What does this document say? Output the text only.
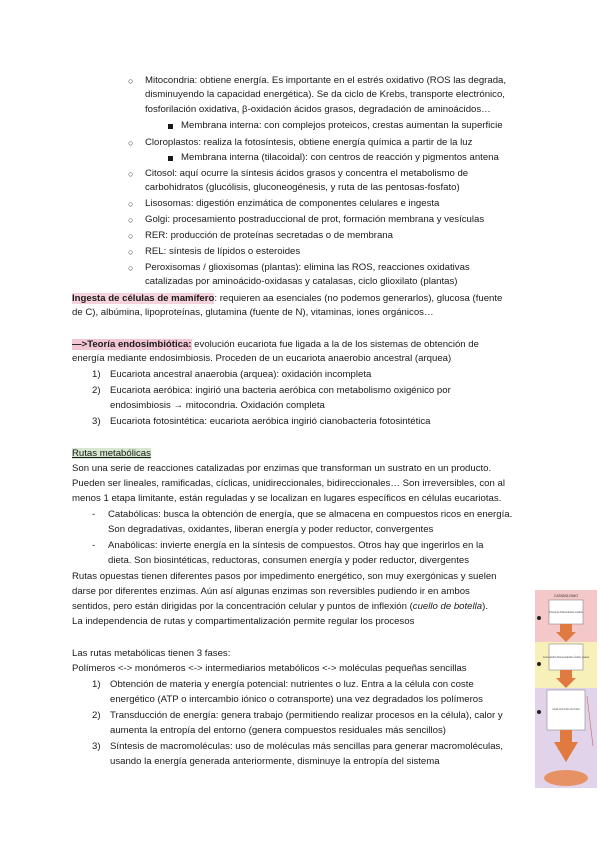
○ Mitocondria: obtiene energía. Es importante en el estrés oxidativo (ROS las degrada,
disminuyendo la capacidad energética). Se da ciclo de Krebs, transporte electrónico,
fosforilación oxidativa, β-oxidación ácidos grasos, degradación de aminoácidos…
Membrana interna: con complejos proteicos, crestas aumentan la superficie
○ Cloroplastos: realiza la fotosíntesis, obtiene energía química a partir de la luz
Membrana interna (tilacoidal): con centros de reacción y pigmentos antena
○ Citosol: aquí ocurre la síntesis ácidos grasos y concentra el metabolismo de
carbohidratos (glucólisis, gluconeogénesis, y ruta de las pentosas-fosfato)
○ Lisosomas: digestión enzimática de componentes celulares e ingesta
○ Golgi: procesamiento postraduccional de prot, formación membrana y vesículas
○ RER: producción de proteínas secretadas o de membrana
○ REL: síntesis de lípidos o esteroides
○ Peroxisomas / glioxisomas (plantas): elimina las ROS, reacciones oxidativas
catalizadas por aminoácido-oxidasas y catalasas, ciclo glioxilato (plantas)
Ingesta de células de mamífero: requieren aa esenciales (no podemos generarlos), glucosa (fuente
de C), albúmina, lipoproteínas, glutamina (fuente de N), vitaminas, iones orgánicos…
—>Teoría endosimbiótica: evolución eucariota fue ligada a la de los sistemas de obtención de
energía mediante endosimbiosis. Proceden de un eucariota anaerobio ancestral (arquea)
1) Eucariota ancestral anaerobia (arquea): oxidación incompleta
2) Eucariota aeróbica: ingirió una bacteria aeróbica con metabolismo oxigénico por
endosimbiosis → mitocondria. Oxidación completa
3) Eucariota fotosintética: eucariota aeróbica ingirió cianobacteria fotosintética
Rutas metabólicas
Son una serie de reacciones catalizadas por enzimas que transforman un sustrato en un producto.
Pueden ser lineales, ramificadas, cíclicas, unidireccionales, bidireccionales… Son irreversibles, con al
menos 1 etapa limitante, están reguladas y se localizan en lugares específicos en células eucariotas.
- Catabólicas: busca la obtención de energía, que se almacena en compuestos ricos en energía.
Son degradativas, oxidantes, liberan energía y poder reductor, convergentes
- Anabólicas: invierte energía en la síntesis de compuestos. Otros hay que ingerirlos en la
dieta. Son biosintéticas, reductoras, consumen energía y poder reductor, divergentes
Rutas opuestas tienen diferentes pasos por impedimento energético, son muy exergónicas y suelen
darse por diferentes enzimas. Aún así algunas enzimas son reversibles pudiendo ir en ambos
sentidos, pero están dirigidas por la concentración celular y puntos de inflexión (cuello de botella).
La independencia de rutas y compartimentalización permite regular los procesos
Las rutas metabólicas tienen 3 fases:
Polímeros <-> monómeros <-> intermediarios metabólicos <-> moléculas pequeñas sencillas
1) Obtención de materia y energía potencial: nutrientes o luz. Entra a la célula con coste
energético (ATP o intercambio iónico o cotransporte) una vez degradados los polímeros
2) Transducción de energía: genera trabajo (permitiendo realizar procesos en la célula), calor y
aumenta la entropía del entorno (genera compuestos residuales más sencillos)
3) Síntesis de macromoléculas: uso de moléculas más sencillas para generar macromoléculas,
usando la energía generada anteriormente, disminuye la entropía del sistema
CATABOLISMO
Proteínas Polisacáridos Lípidos
Aminoácidos Monosacáridos Ácidos grasos
Acetil-CoA Ciclo de Krebs
